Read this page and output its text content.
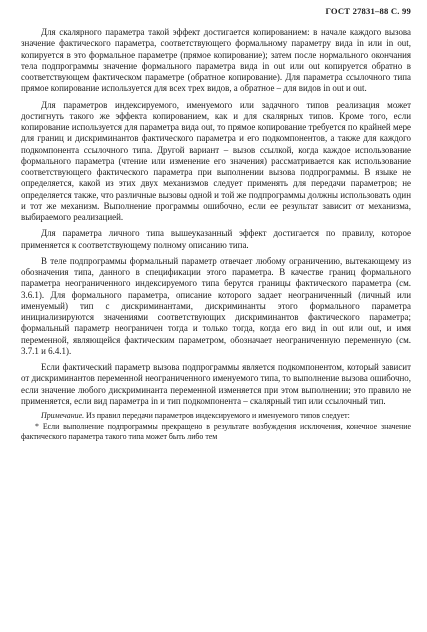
ГОСТ 27831–88 С. 99

Для скалярного параметра такой эффект достигается копированием: в начале каждого вызова значение фактического параметра, соответствующего формальному параметру вида in или in out, копируется в это формальное параметре (прямое копирование); затем после нормального окончания тела подпрограммы значение формального параметра вида in out или out копируется обратно в соответствующем фактическом параметре (обратное копирование). Для параметра ссылочного типа прямое копирование используется для всех трех видов, а обратное – для видов in out и out.

Для параметров индексируемого, именуемого или задачного типов реализация может достигнуть такого же эффекта копированием, как и для скалярных типов. Кроме того, если копирование используется для параметра вида out, то прямое копирование требуется по крайней мере для границ и дискриминантов фактического параметра и его подкомпонентов, а также для каждого подкомпонента ссылочного типа. Другой вариант – вызов ссылкой, когда каждое использование формального параметра (чтение или изменение его значения) рассматривается как использование соответствующего фактического параметра при выполнении вызова подпрограммы. В языке не определяется, какой из этих двух механизмов следует применять для передачи параметров; не определяется также, что различные вызовы одной и той же подпрограммы должны использовать один и тот же механизм. Выполнение программы ошибочно, если ее результат зависит от механизма, выбираемого реализацией.

Для параметра личного типа вышеуказанный эффект достигается по правилу, которое применяется к соответствующему полному описанию типа.

В теле подпрограммы формальный параметр отвечает любому ограничению, вытекающему из обозначения типа, данного в спецификации этого параметра. В качестве границ формального параметра неограниченного индексируемого типа берутся границы фактического параметра (см. 3.6.1). Для формального параметра, описание которого задает неограниченный (личный или именуемый) тип с дискриминантами, дискриминанты этого формального параметра инициализируются значениями соответствующих дискриминантов фактического параметра; формальный параметр неограничен тогда и только тогда, когда его вид in out или out, и имя переменной, являющейся фактическим параметром, обозначает неограниченную переменную (см. 3.7.1 и 6.4.1).

Если фактический параметр вызова подпрограммы является подкомпонентом, который зависит от дискриминантов переменной неограниченного именуемого типа, то выполнение вызова ошибочно, если значение любого дискриминанта переменной изменяется при этом выполнении; это правило не применяется, если вид параметра in и тип подкомпонента – скалярный тип или ссылочный тип.

Примечание. Из правил передачи параметров индексируемого и именуемого типов следует:

* Если выполнение подпрограммы прекращено в результате возбуждения исключения, конечное значение фактического параметра такого типа может быть либо тем
